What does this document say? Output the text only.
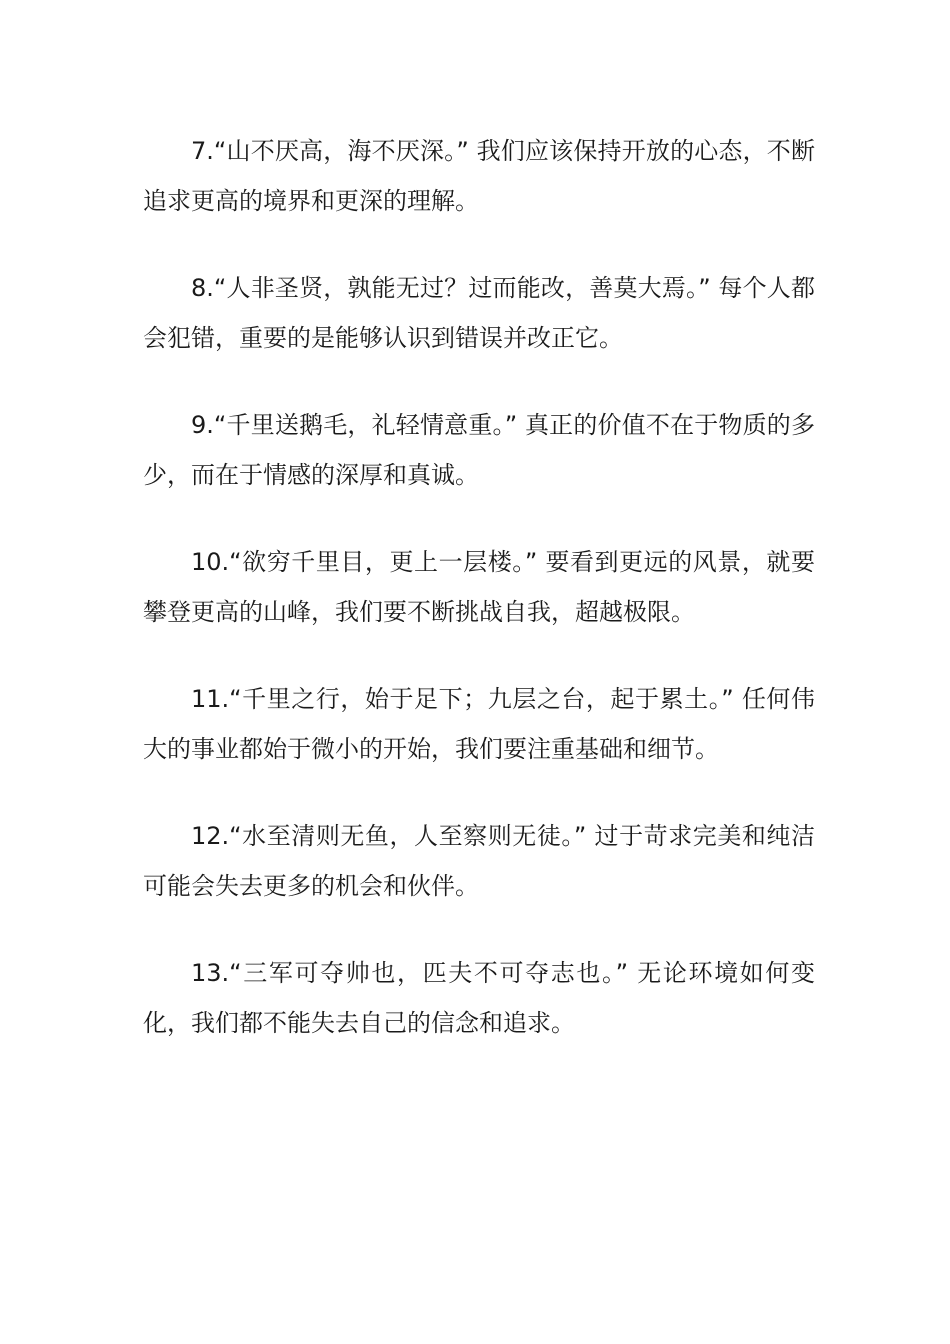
7.“山不厌高，海不厌深。” 我们应该保持开放的心态，不断追求更高的境界和更深的理解。

8.“人非圣贤，孰能无过？过而能改，善莫大焉。” 每个人都会犯错，重要的是能够认识到错误并改正它。

9.“千里送鹅毛，礼轻情意重。” 真正的价值不在于物质的多少，而在于情感的深厚和真诚。

10.“欲穷千里目，更上一层楼。” 要看到更远的风景，就要攀登更高的山峰，我们要不断挑战自我，超越极限。

11.“千里之行，始于足下；九层之台，起于累土。” 任何伟大的事业都始于微小的开始，我们要注重基础和细节。

12.“水至清则无鱼，人至察则无徒。” 过于苛求完美和纯洁可能会失去更多的机会和伙伴。

13.“三军可夺帅也，匹夫不可夺志也。” 无论环境如何变化，我们都不能失去自己的信念和追求。
